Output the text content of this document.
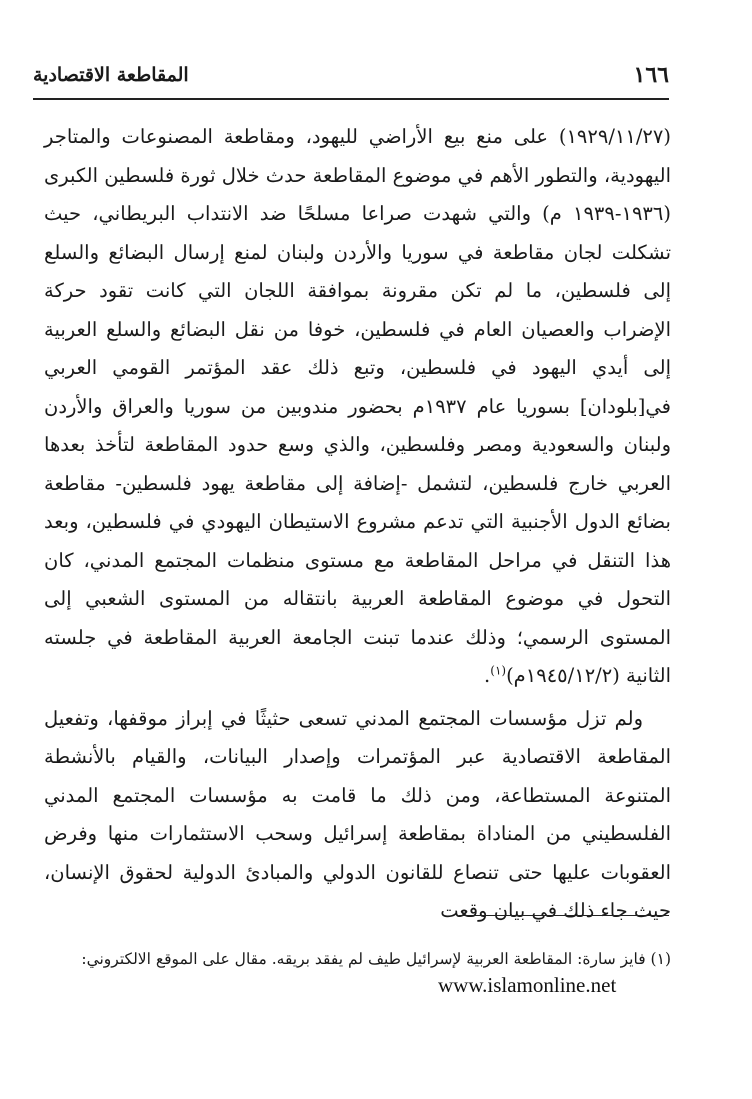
المقاطعة الاقتصادية	١٦٦

(١٩٢٩/١١/٢٧) على منع بيع الأراضي لليهود، ومقاطعة المصنوعات والمتاجر اليهودية، والتطور الأهم في موضوع المقاطعة حدث خلال ثورة فلسطين الكبرى (١٩٣٦-١٩٣٩ م) والتي شهدت صراعا مسلحًا ضد الانتداب البريطاني، حيث تشكلت لجان مقاطعة في سوريا والأردن ولبنان لمنع إرسال البضائع والسلع إلى فلسطين، ما لم تكن مقرونة بموافقة اللجان التي كانت تقود حركة الإضراب والعصيان العام في فلسطين، خوفا من نقل البضائع والسلع العربية إلى أيدي اليهود في فلسطين، وتبع ذلك عقد المؤتمر القومي العربي في[بلودان] بسوريا عام ١٩٣٧م بحضور مندوبين من سوريا والعراق والأردن ولبنان والسعودية ومصر وفلسطين، والذي وسع حدود المقاطعة لتأخذ بعدها العربي خارج فلسطين، لتشمل -إضافة إلى مقاطعة يهود فلسطين- مقاطعة بضائع الدول الأجنبية التي تدعم مشروع الاستيطان اليهودي في فلسطين، وبعد هذا التنقل في مراحل المقاطعة مع مستوى منظمات المجتمع المدني، كان التحول في موضوع المقاطعة العربية بانتقاله من المستوى الشعبي إلى المستوى الرسمي؛ وذلك عندما تبنت الجامعة العربية المقاطعة في جلسته الثانية (١٩٤٥/١٢/٢م)$^{(١)}$.

ولم تزل مؤسسات المجتمع المدني تسعى حثيثًا في إبراز موقفها، وتفعيل المقاطعة الاقتصادية عبر المؤتمرات وإصدار البيانات، والقيام بالأنشطة المتنوعة المستطاعة، ومن ذلك ما قامت به مؤسسات المجتمع المدني الفلسطيني من المناداة بمقاطعة إسرائيل وسحب الاستثمارات منها وفرض العقوبات عليها حتى تنصاع للقانون الدولي والمبادئ الدولية لحقوق الإنسان، حيث جاء ذلك في بيان وقعت

(١) فايز سارة: المقاطعة العربية لإسرائيل طيف لم يفقد بريقه. مقال على الموقع الالكتروني:
www.islamonline.net
